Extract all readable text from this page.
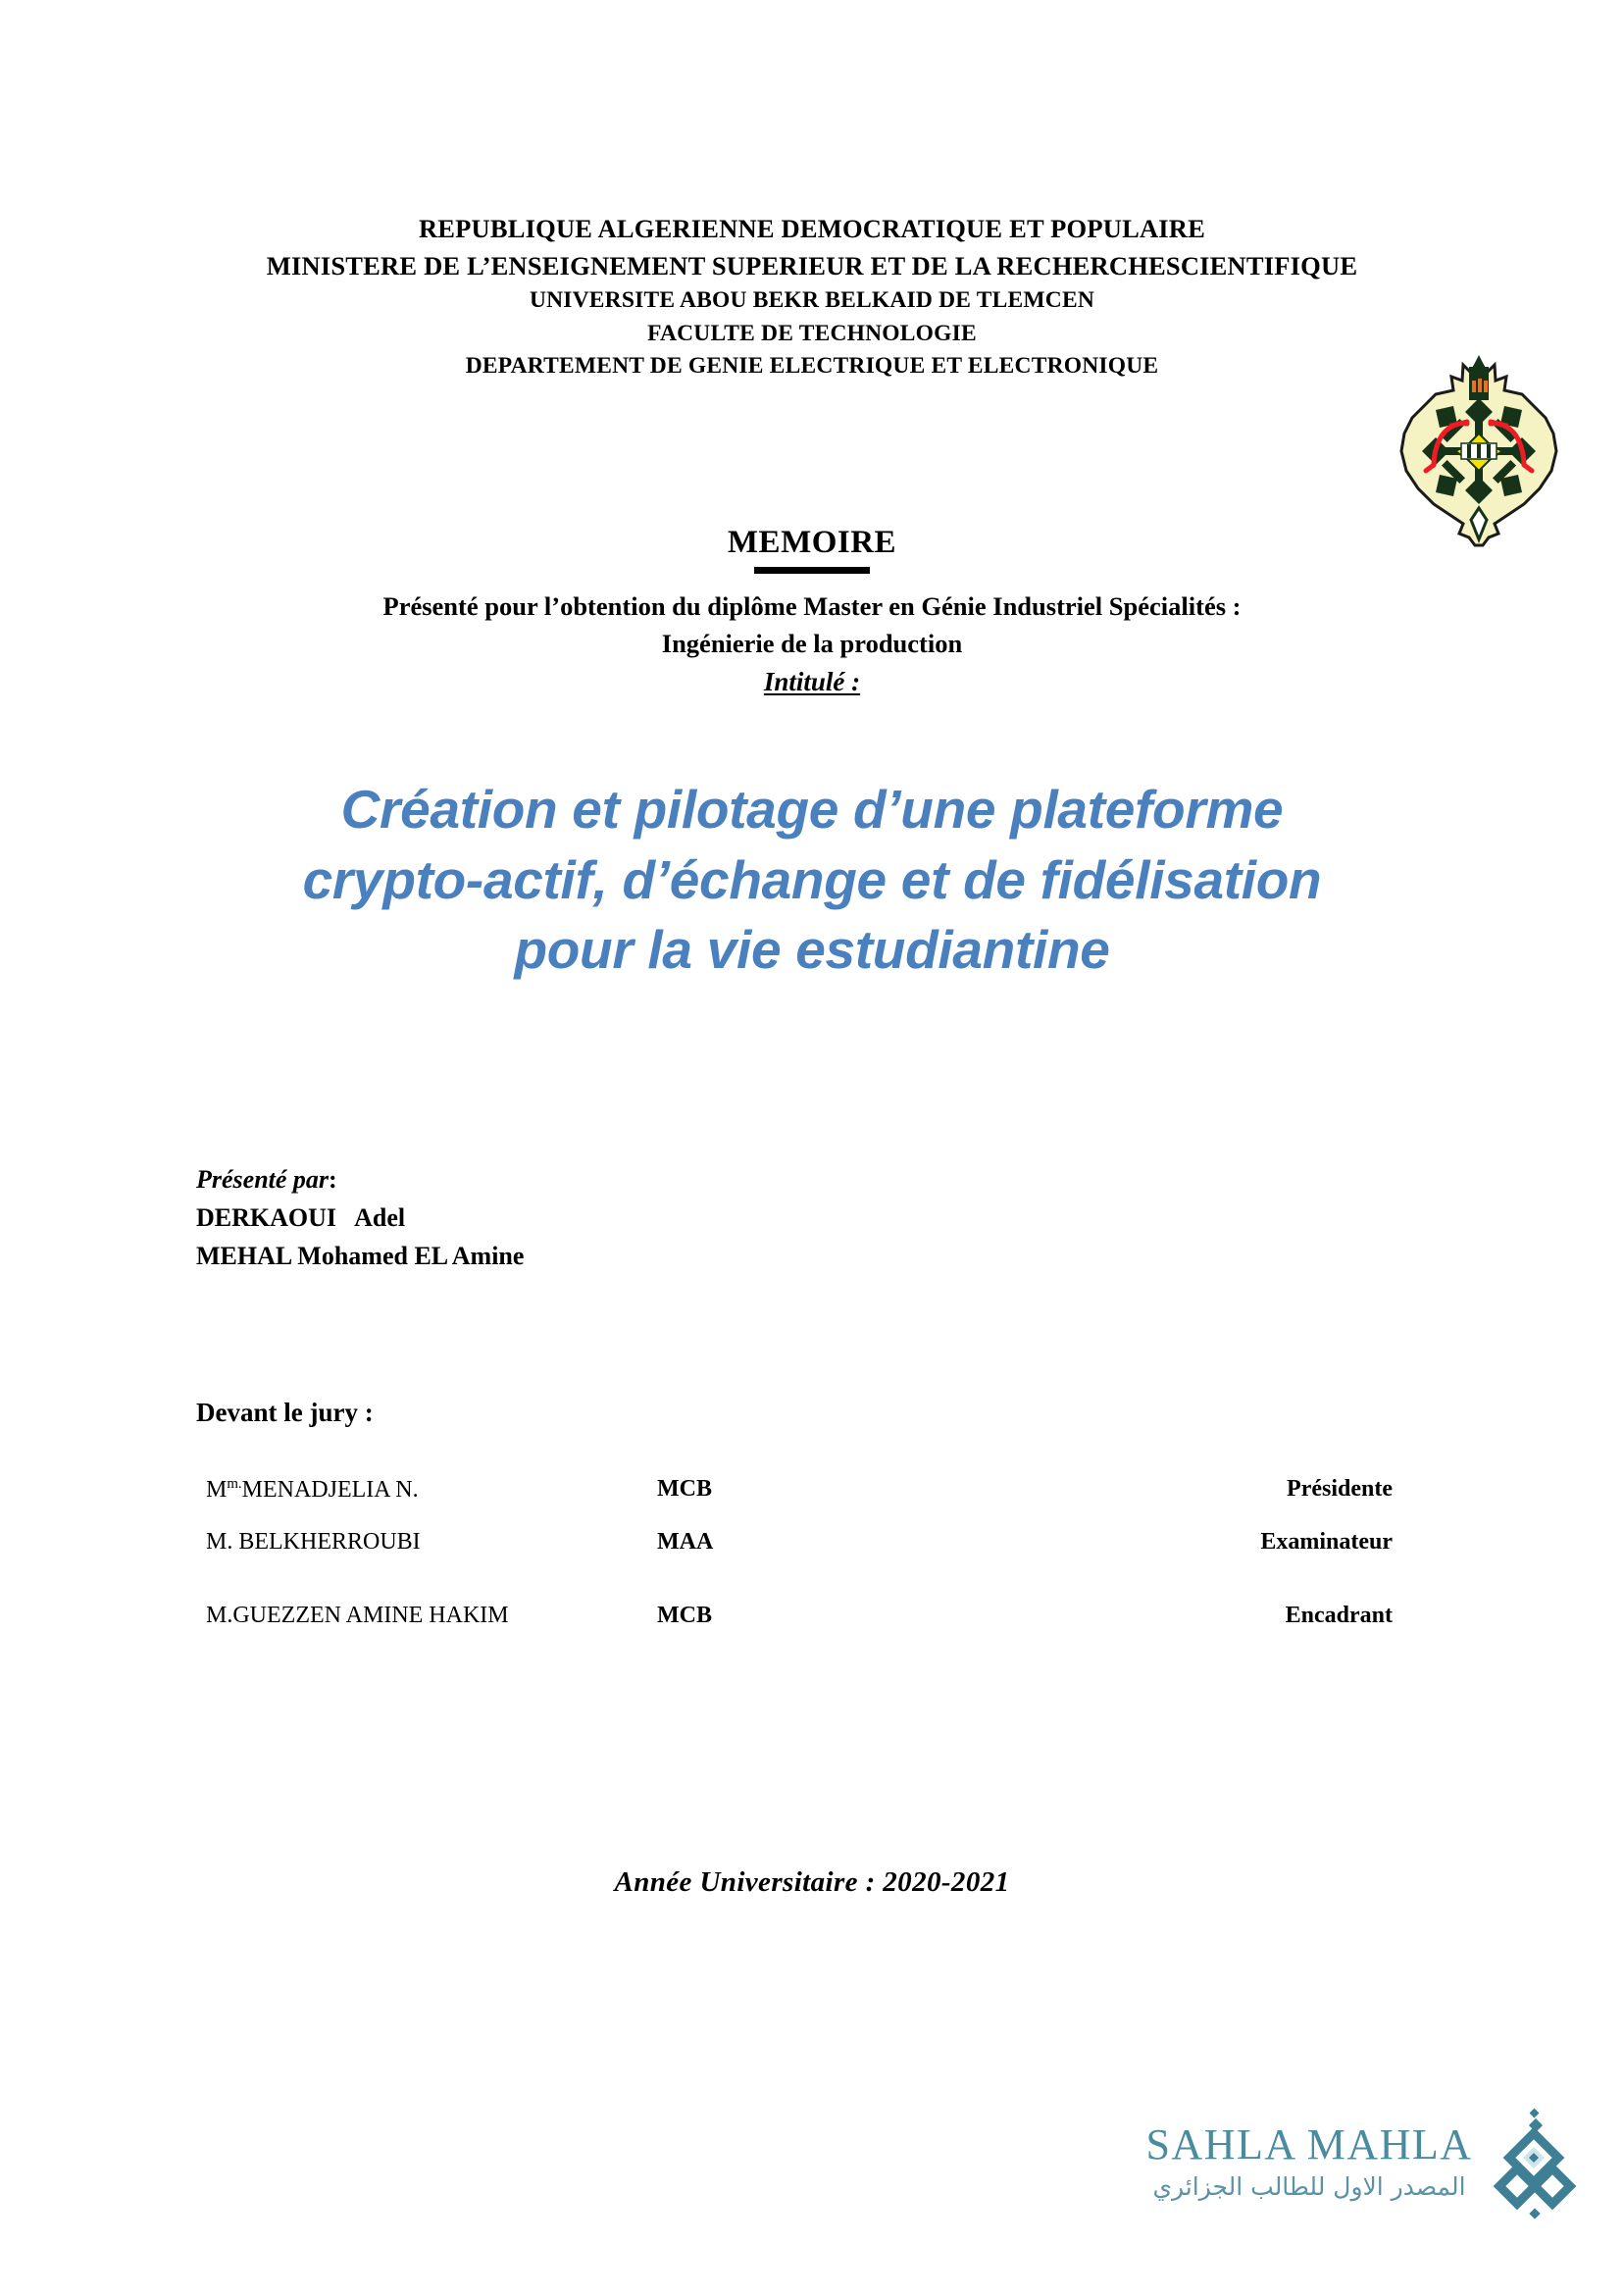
REPUBLIQUE ALGERIENNE DEMOCRATIQUE ET POPULAIRE
MINISTERE DE L’ENSEIGNEMENT SUPERIEUR ET DE LA RECHERCHESCIENTIFIQUE
UNIVERSITE ABOU BEKR BELKAID DE TLEMCEN
FACULTE DE TECHNOLOGIE
DEPARTEMENT DE GENIE ELECTRIQUE ET ELECTRONIQUE
MEMOIRE
Présenté pour l’obtention du diplôme Master en Génie Industriel Spécialités :
Ingénierie de la production
Intitulé :
Création et pilotage d’une plateforme
crypto-actif, d’échange et de fidélisation
pour la vie estudiantine
Présenté par:
DERKAOUI   Adel
MEHAL Mohamed EL Amine
Devant le jury :
$M^{m.}MENADJELIA$ N.	MCB	Présidente
M. BELKHERROUBI	MAA	Examinateur
M.GUEZZEN AMINE HAKIM	MCB	Encadrant
Année Universitaire : 2020-2021
SAHLA MAHLA
المصدر الاول للطالب الجزائري
